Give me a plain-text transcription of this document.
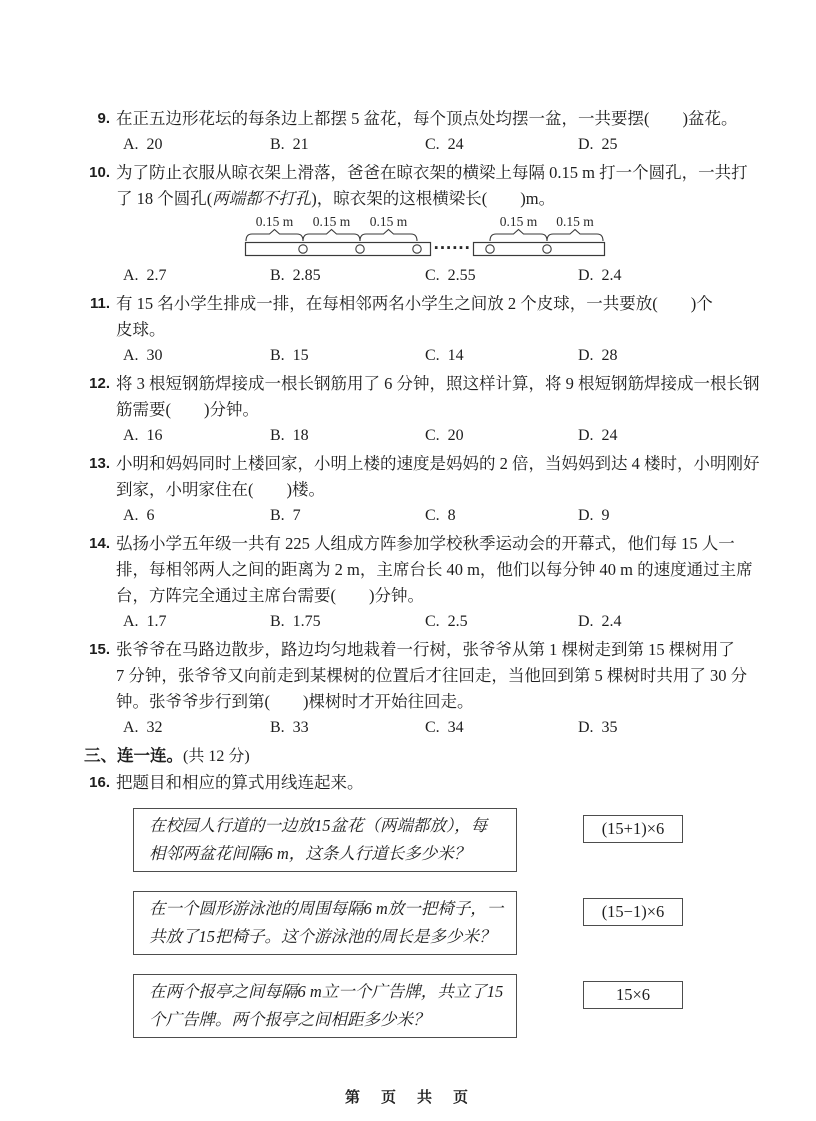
9. 在正五边形花坛的每条边上都摆 5 盆花，每个顶点处均摆一盆，一共要摆(　　)盆花。
A.  20	B.  21	C.  24	D.  25
10. 为了防止衣服从晾衣架上滑落，爸爸在晾衣架的横梁上每隔 0.15 m 打一个圆孔，一共打
了 18 个圆孔(两端都不打孔)，晾衣架的这根横梁长(　　)m。
0.15 m 0.15 m 0.15 m	0.15 m 0.15 m
······
A.  2.7	B.  2.85	C.  2.55	D.  2.4
11. 有 15 名小学生排成一排，在每相邻两名小学生之间放 2 个皮球，一共要放(　　)个
皮球。
A.  30	B.  15	C.  14	D.  28
12. 将 3 根短钢筋焊接成一根长钢筋用了 6 分钟，照这样计算，将 9 根短钢筋焊接成一根长钢
筋需要(　　)分钟。
A.  16	B.  18	C.  20	D.  24
13. 小明和妈妈同时上楼回家，小明上楼的速度是妈妈的 2 倍，当妈妈到达 4 楼时，小明刚好
到家，小明家住在(　　)楼。
A.  6	B.  7	C.  8	D.  9
14. 弘扬小学五年级一共有 225 人组成方阵参加学校秋季运动会的开幕式，他们每 15 人一
排，每相邻两人之间的距离为 2 m，主席台长 40 m，他们以每分钟 40 m 的速度通过主席
台，方阵完全通过主席台需要(　　)分钟。
A.  1.7	B.  1.75	C.  2.5	D.  2.4
15. 张爷爷在马路边散步，路边均匀地栽着一行树，张爷爷从第 1 棵树走到第 15 棵树用了
7 分钟，张爷爷又向前走到某棵树的位置后才往回走，当他回到第 5 棵树时共用了 30 分
钟。张爷爷步行到第(　　)棵树时才开始往回走。
A.  32	B.  33	C.  34	D.  35
三、连一连。(共 12 分)
16. 把题目和相应的算式用线连起来。
在校园人行道的一边放15盆花（两端都放），每
相邻两盆花间隔6 m，这条人行道长多少米？
(15+1)×6
在一个圆形游泳池的周围每隔6 m放一把椅子，一
共放了15把椅子。这个游泳池的周长是多少米？
(15−1)×6
在两个报亭之间每隔6 m立一个广告牌，共立了15
个广告牌。两个报亭之间相距多少米？
15×6
第　页　共　页
